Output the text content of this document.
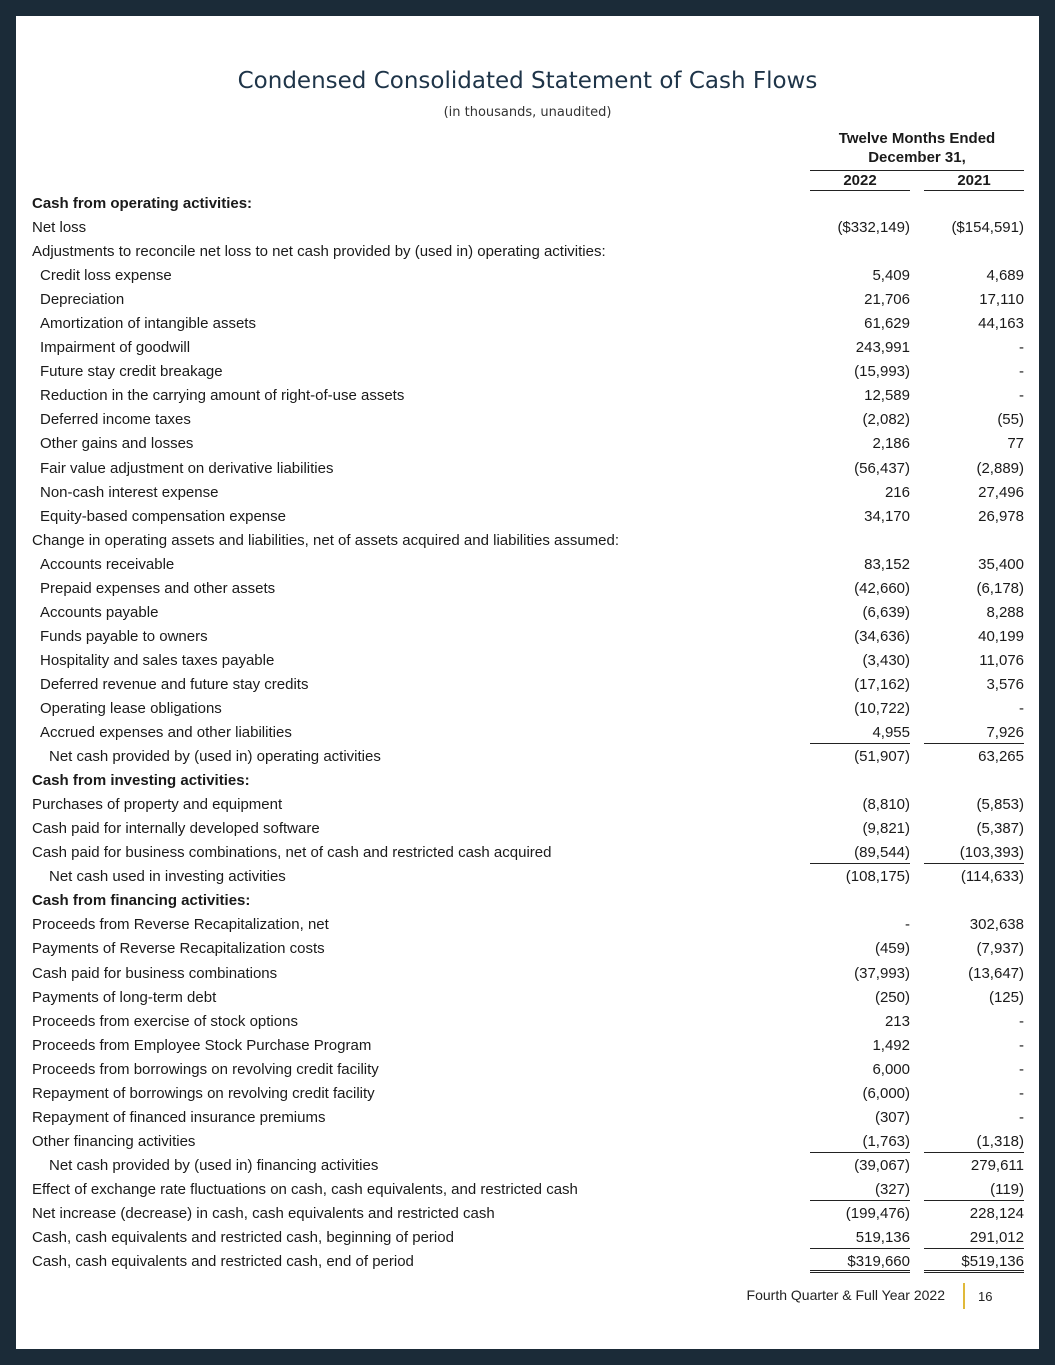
Condensed Consolidated Statement of Cash Flows
(in thousands, unaudited)
Twelve Months Ended December 31,
2022	2021
Cash from operating activities:
Net loss	($332,149)	($154,591)
Adjustments to reconcile net loss to net cash provided by (used in) operating activities:
Credit loss expense	5,409	4,689
Depreciation	21,706	17,110
Amortization of intangible assets	61,629	44,163
Impairment of goodwill	243,991	-
Future stay credit breakage	(15,993)	-
Reduction in the carrying amount of right-of-use assets	12,589	-
Deferred income taxes	(2,082)	(55)
Other gains and losses	2,186	77
Fair value adjustment on derivative liabilities	(56,437)	(2,889)
Non-cash interest expense	216	27,496
Equity-based compensation expense	34,170	26,978
Change in operating assets and liabilities, net of assets acquired and liabilities assumed:
Accounts receivable	83,152	35,400
Prepaid expenses and other assets	(42,660)	(6,178)
Accounts payable	(6,639)	8,288
Funds payable to owners	(34,636)	40,199
Hospitality and sales taxes payable	(3,430)	11,076
Deferred revenue and future stay credits	(17,162)	3,576
Operating lease obligations	(10,722)	-
Accrued expenses and other liabilities	4,955	7,926
Net cash provided by (used in) operating activities	(51,907)	63,265
Cash from investing activities:
Purchases of property and equipment	(8,810)	(5,853)
Cash paid for internally developed software	(9,821)	(5,387)
Cash paid for business combinations, net of cash and restricted cash acquired	(89,544)	(103,393)
Net cash used in investing activities	(108,175)	(114,633)
Cash from financing activities:
Proceeds from Reverse Recapitalization, net	-	302,638
Payments of Reverse Recapitalization costs	(459)	(7,937)
Cash paid for business combinations	(37,993)	(13,647)
Payments of long-term debt	(250)	(125)
Proceeds from exercise of stock options	213	-
Proceeds from Employee Stock Purchase Program	1,492	-
Proceeds from borrowings on revolving credit facility	6,000	-
Repayment of borrowings on revolving credit facility	(6,000)	-
Repayment of financed insurance premiums	(307)	-
Other financing activities	(1,763)	(1,318)
Net cash provided by (used in) financing activities	(39,067)	279,611
Effect of exchange rate fluctuations on cash, cash equivalents, and restricted cash	(327)	(119)
Net increase (decrease) in cash, cash equivalents and restricted cash	(199,476)	228,124
Cash, cash equivalents and restricted cash, beginning of period	519,136	291,012
Cash, cash equivalents and restricted cash, end of period	$319,660	$519,136
Fourth Quarter & Full Year 2022	16
